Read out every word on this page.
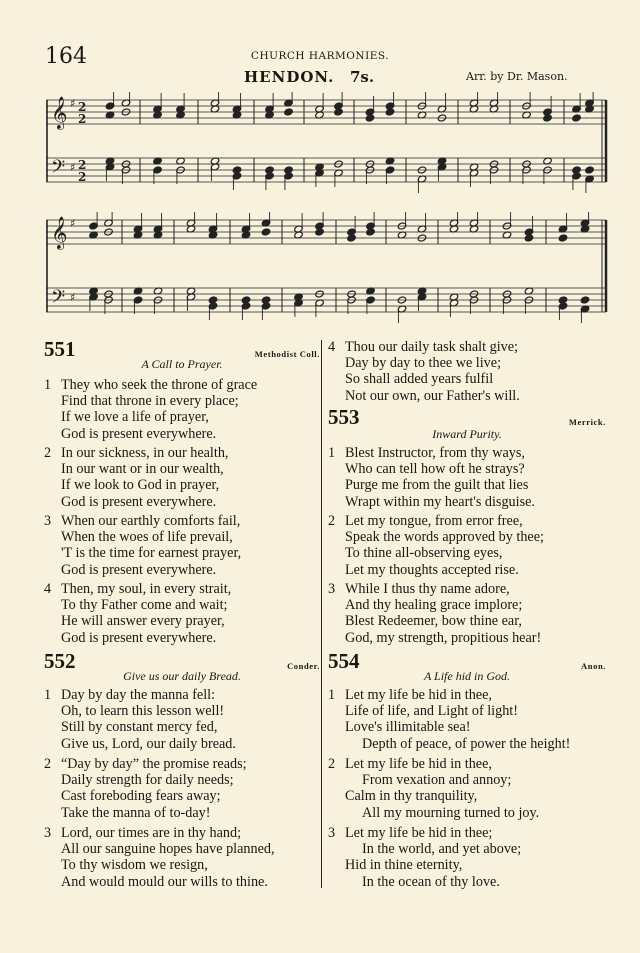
164	CHURCH HARMONIES.
HENDON. 7s.	Arr. by Dr. Mason.
𝄞
𝄢
♯
♯
2
2
2
2
𝄞
𝄢
♯
♯
551	Methodist Coll.
A Call to Prayer.
1 They who seek the throne of grace
Find that throne in every place;
If we love a life of prayer,
God is present everywhere.
2 In our sickness, in our health,
In our want or in our wealth,
If we look to God in prayer,
God is present everywhere.
3 When our earthly comforts fail,
When the woes of life prevail,
'T is the time for earnest prayer,
God is present everywhere.
4 Then, my soul, in every strait,
To thy Father come and wait;
He will answer every prayer,
God is present everywhere.
552	Conder.
Give us our daily Bread.
1 Day by day the manna fell:
Oh, to learn this lesson well!
Still by constant mercy fed,
Give us, Lord, our daily bread.
2 “Day by day” the promise reads;
Daily strength for daily needs;
Cast foreboding fears away;
Take the manna of to-day!
3 Lord, our times are in thy hand;
All our sanguine hopes have planned,
To thy wisdom we resign,
And would mould our wills to thine.
4 Thou our daily task shalt give;
Day by day to thee we live;
So shall added years fulfil
Not our own, our Father's will.
553	Merrick.
Inward Purity.
1 Blest Instructor, from thy ways,
Who can tell how oft he strays?
Purge me from the guilt that lies
Wrapt within my heart's disguise.
2 Let my tongue, from error free,
Speak the words approved by thee;
To thine all-observing eyes,
Let my thoughts accepted rise.
3 While I thus thy name adore,
And thy healing grace implore;
Blest Redeemer, bow thine ear,
God, my strength, propitious hear!
554	Anon.
A Life hid in God.
1 Let my life be hid in thee,
Life of life, and Light of light!
Love's illimitable sea!
Depth of peace, of power the height!
2 Let my life be hid in thee,
From vexation and annoy;
Calm in thy tranquility,
All my mourning turned to joy.
3 Let my life be hid in thee;
In the world, and yet above;
Hid in thine eternity,
In the ocean of thy love.
